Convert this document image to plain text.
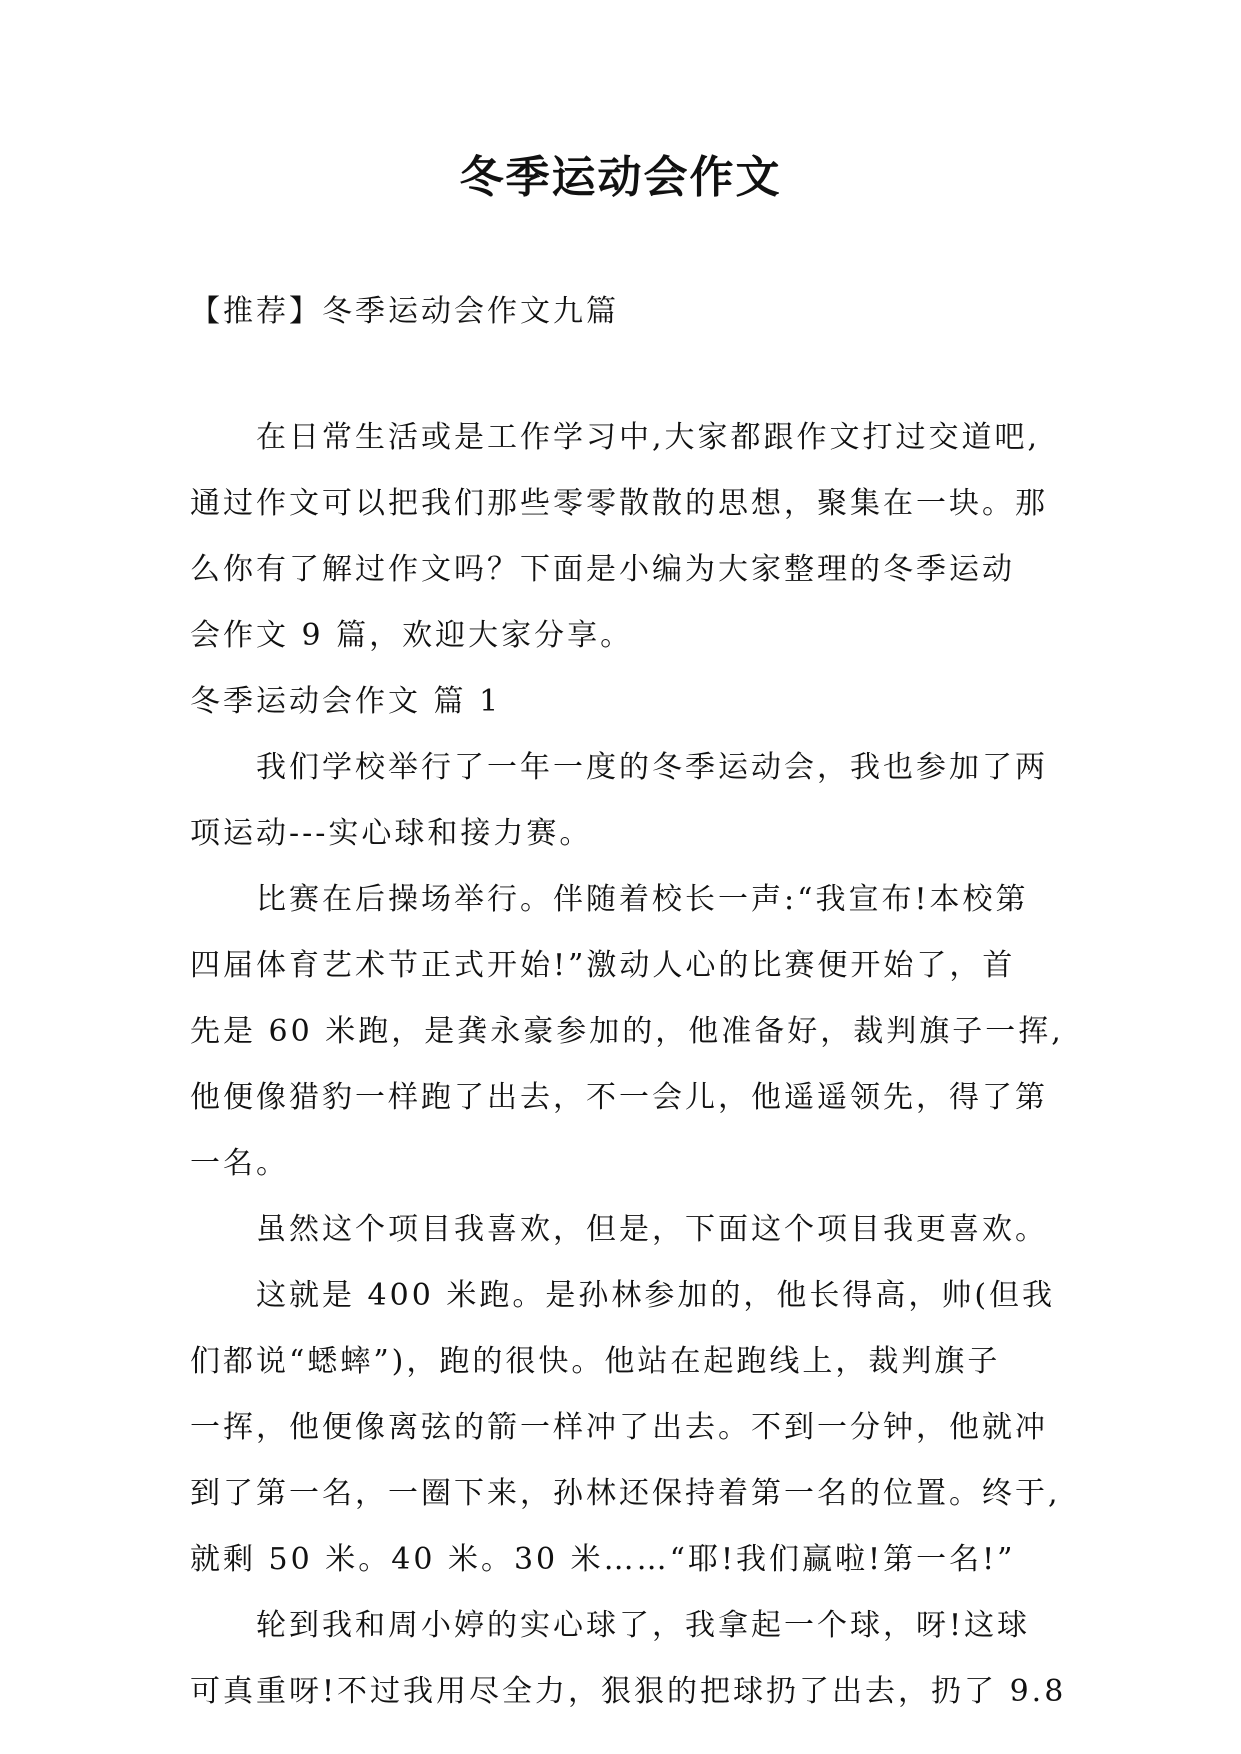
冬季运动会作文
【推荐】冬季运动会作文九篇
在日常生活或是工作学习中,大家都跟作文打过交道吧,
通过作文可以把我们那些零零散散的思想，聚集在一块。那
么你有了解过作文吗？下面是小编为大家整理的冬季运动
会作文 9 篇，欢迎大家分享。
冬季运动会作文 篇 1
我们学校举行了一年一度的冬季运动会，我也参加了两
项运动---实心球和接力赛。
比赛在后操场举行。伴随着校长一声:“我宣布!本校第
四届体育艺术节正式开始!”激动人心的比赛便开始了，首
先是 60 米跑，是龚永豪参加的，他准备好，裁判旗子一挥,
他便像猎豹一样跑了出去，不一会儿，他遥遥领先，得了第
一名。
虽然这个项目我喜欢，但是，下面这个项目我更喜欢。
这就是 400 米跑。是孙林参加的，他长得高，帅(但我
们都说“蟋蟀”)，跑的很快。他站在起跑线上，裁判旗子
一挥，他便像离弦的箭一样冲了出去。不到一分钟，他就冲
到了第一名，一圈下来，孙林还保持着第一名的位置。终于,
就剩 50 米。40 米。30 米……“耶!我们赢啦!第一名!”
轮到我和周小婷的实心球了，我拿起一个球，呀!这球
可真重呀!不过我用尽全力，狠狠的把球扔了出去，扔了 9.8
